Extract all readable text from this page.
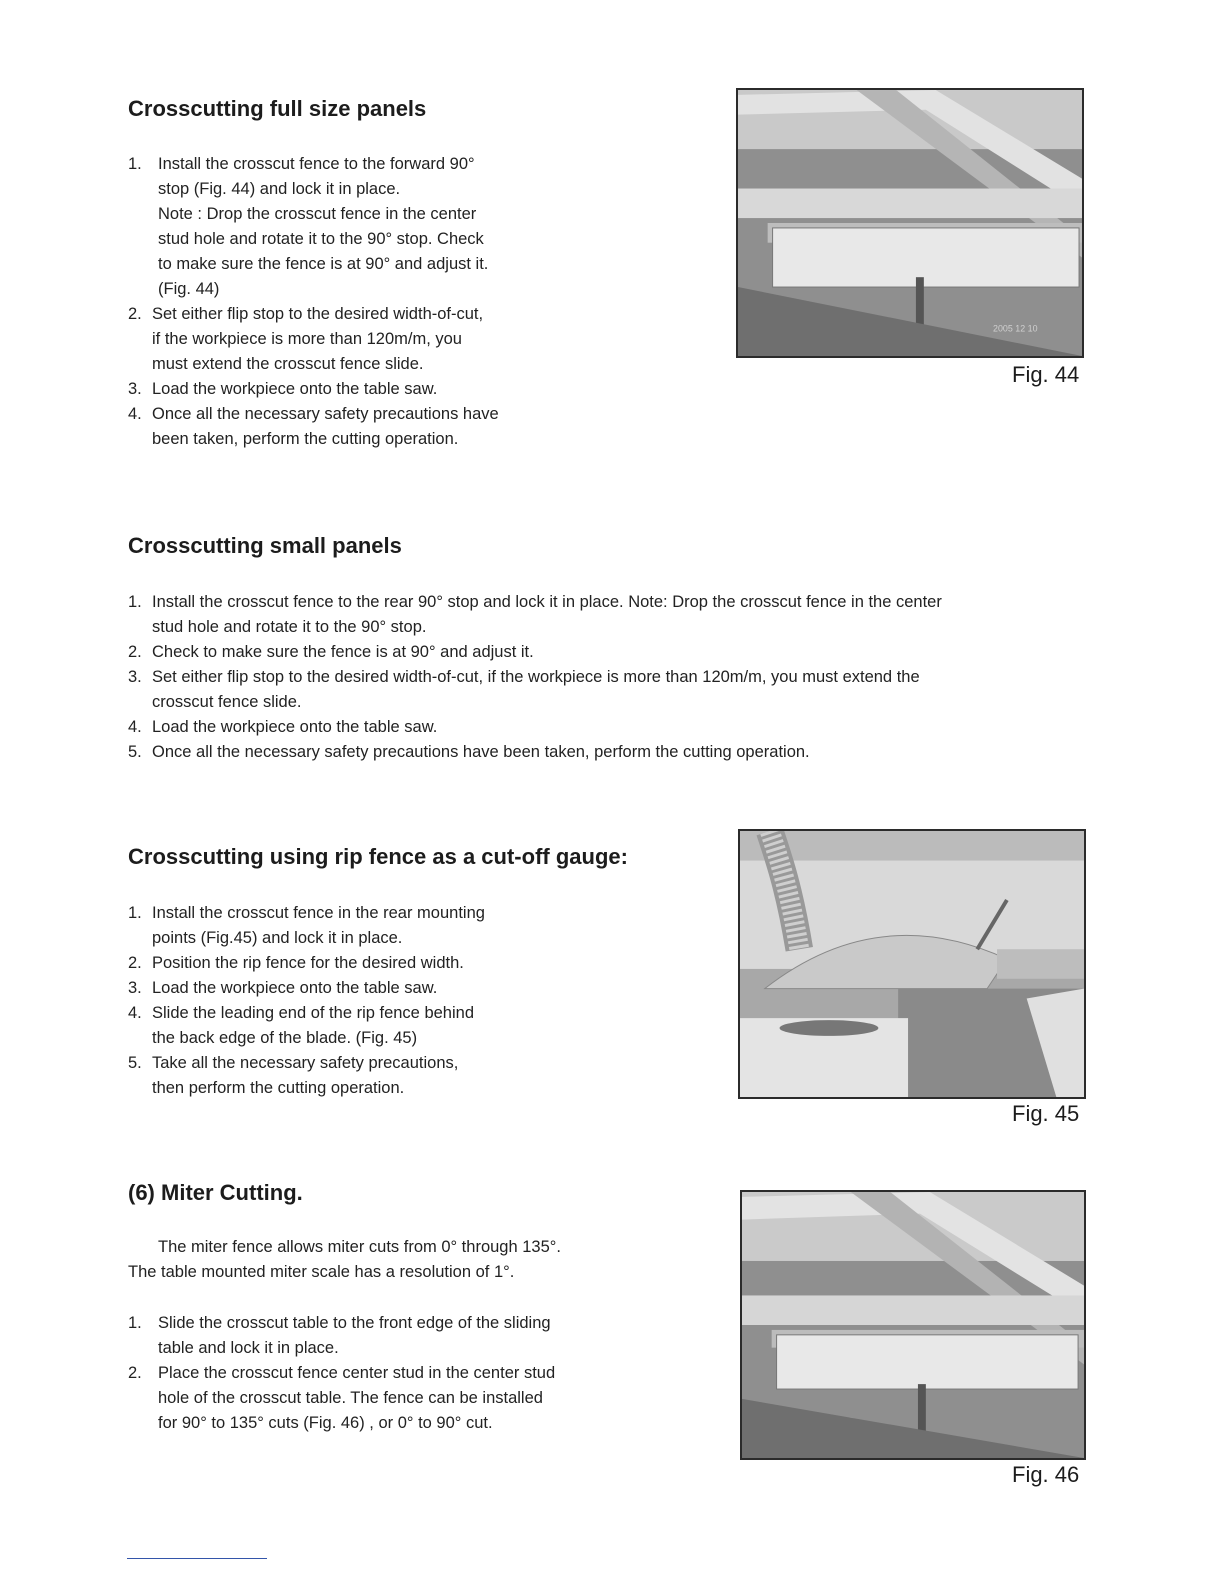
Crosscutting full size panels
1. Install the crosscut fence to the forward 90°
stop (Fig. 44) and lock it in place.
Note : Drop the crosscut fence in the center
stud hole and rotate it to the 90° stop. Check
to make sure the fence is at 90° and adjust it.
(Fig. 44)
2. Set either flip stop to the desired width-of-cut,
if the workpiece is more than 120m/m, you
must extend the crosscut fence slide.
3. Load the workpiece onto the table saw.
4. Once all the necessary safety precautions have
been taken, perform the cutting operation.
2005 12 10
Fig. 44
Crosscutting small panels
1. Install the crosscut fence to the rear 90° stop and lock it in place. Note: Drop the crosscut fence in the center
stud hole and rotate it to the 90° stop.
2. Check to make sure the fence is at 90° and adjust it.
3. Set either flip stop to the desired width-of-cut, if the workpiece is more than 120m/m, you must extend the
crosscut fence slide.
4. Load the workpiece onto the table saw.
5. Once all the necessary safety precautions have been taken, perform the cutting operation.
Crosscutting using rip fence as a cut-off gauge:
1. Install the crosscut fence in the rear mounting
points (Fig.45) and lock it in place.
2. Position the rip fence for the desired width.
3. Load the workpiece onto the table saw.
4. Slide the leading end of the rip fence behind
the back edge of the blade. (Fig. 45)
5. Take all the necessary safety precautions,
then perform the cutting operation.
Fig. 45
(6) Miter Cutting.

The miter fence allows miter cuts from 0° through 135°.
The table mounted miter scale has a resolution of 1°.

1. Slide the crosscut table to the front edge of the sliding
table and lock it in place.
2. Place the crosscut fence center stud in the center stud
hole of the crosscut table. The fence can be installed
for 90° to 135° cuts (Fig. 46) , or 0° to 90° cut.
Fig. 46
